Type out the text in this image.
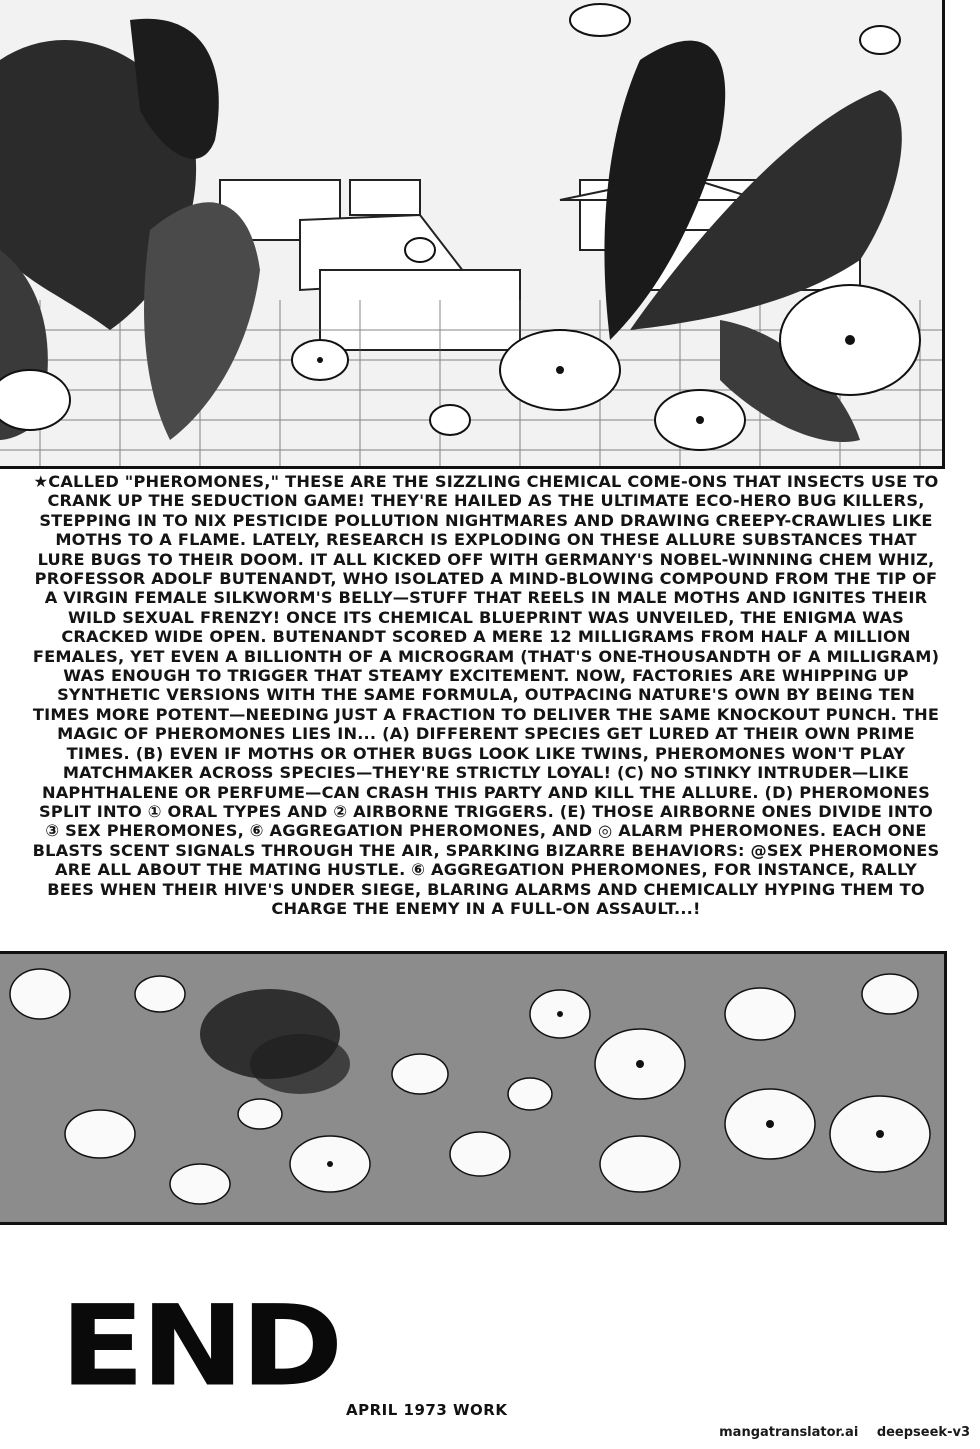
★CALLED "PHEROMONES," THESE ARE THE SIZZLING CHEMICAL COME-ONS THAT INSECTS USE TO CRANK UP THE SEDUCTION GAME! THEY'RE HAILED AS THE ULTIMATE ECO-HERO BUG KILLERS, STEPPING IN TO NIX PESTICIDE POLLUTION NIGHTMARES AND DRAWING CREEPY-CRAWLIES LIKE MOTHS TO A FLAME. LATELY, RESEARCH IS EXPLODING ON THESE ALLURE SUBSTANCES THAT LURE BUGS TO THEIR DOOM. IT ALL KICKED OFF WITH GERMANY'S NOBEL-WINNING CHEM WHIZ, PROFESSOR ADOLF BUTENANDT, WHO ISOLATED A MIND-BLOWING COMPOUND FROM THE TIP OF A VIRGIN FEMALE SILKWORM'S BELLY—STUFF THAT REELS IN MALE MOTHS AND IGNITES THEIR WILD SEXUAL FRENZY! ONCE ITS CHEMICAL BLUEPRINT WAS UNVEILED, THE ENIGMA WAS CRACKED WIDE OPEN. BUTENANDT SCORED A MERE 12 MILLIGRAMS FROM HALF A MILLION FEMALES, YET EVEN A BILLIONTH OF A MICROGRAM (THAT'S ONE-THOUSANDTH OF A MILLIGRAM) WAS ENOUGH TO TRIGGER THAT STEAMY EXCITEMENT. NOW, FACTORIES ARE WHIPPING UP SYNTHETIC VERSIONS WITH THE SAME FORMULA, OUTPACING NATURE'S OWN BY BEING TEN TIMES MORE POTENT—NEEDING JUST A FRACTION TO DELIVER THE SAME KNOCKOUT PUNCH. THE MAGIC OF PHEROMONES LIES IN... (A) DIFFERENT SPECIES GET LURED AT THEIR OWN PRIME TIMES. (B) EVEN IF MOTHS OR OTHER BUGS LOOK LIKE TWINS, PHEROMONES WON'T PLAY MATCHMAKER ACROSS SPECIES—THEY'RE STRICTLY LOYAL! (C) NO STINKY INTRUDER—LIKE NAPHTHALENE OR PERFUME—CAN CRASH THIS PARTY AND KILL THE ALLURE. (D) PHEROMONES SPLIT INTO ① ORAL TYPES AND ② AIRBORNE TRIGGERS. (E) THOSE AIRBORNE ONES DIVIDE INTO ③ SEX PHEROMONES, ⑥ AGGREGATION PHEROMONES, AND ◎ ALARM PHEROMONES. EACH ONE BLASTS SCENT SIGNALS THROUGH THE AIR, SPARKING BIZARRE BEHAVIORS: @SEX PHEROMONES ARE ALL ABOUT THE MATING HUSTLE. ⑥ AGGREGATION PHEROMONES, FOR INSTANCE, RALLY BEES WHEN THEIR HIVE'S UNDER SIEGE, BLARING ALARMS AND CHEMICALLY HYPING THEM TO CHARGE THE ENEMY IN A FULL-ON ASSAULT...!
END APRIL 1973 WORK
mangatranslator.ai deepseek-v3
